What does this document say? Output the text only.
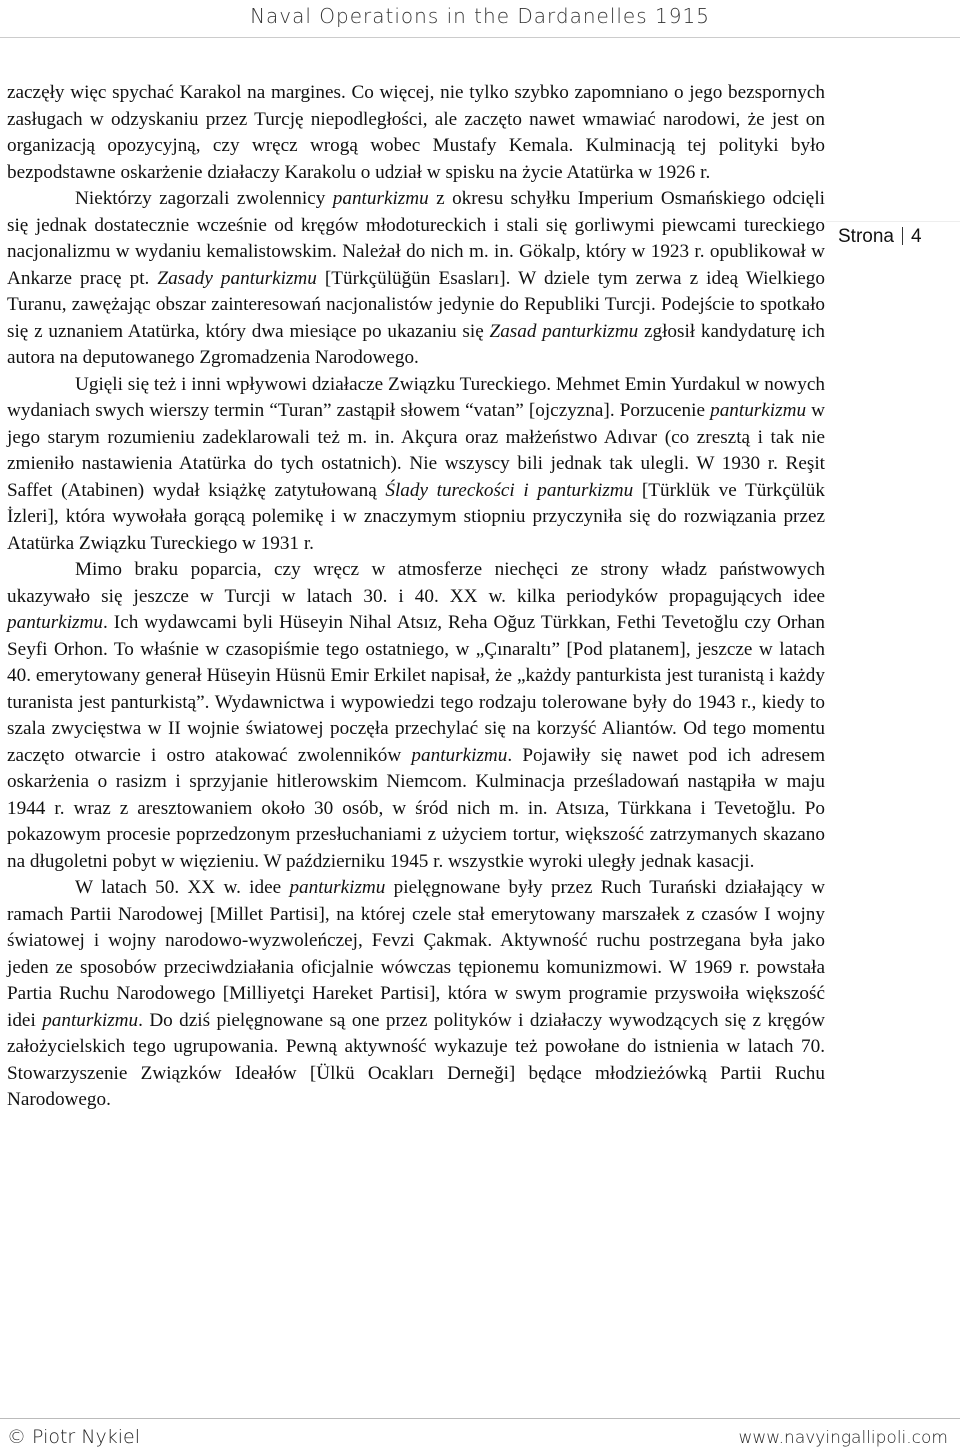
Naval Operations in the Dardanelles 1915

zaczęły więc spychać Karakol na margines. Co więcej, nie tylko szybko zapomniano o jego bezspornych zasługach w odzyskaniu przez Turcję niepodległości, ale zaczęto nawet wmawiać narodowi, że jest on organizacją opozycyjną, czy wręcz wrogą wobec Mustafy Kemala. Kulminacją tej polityki było bezpodstawne oskarżenie działaczy Karakolu o udział w spisku na życie Atatürka w 1926 r.

Niektórzy zagorzali zwolennicy panturkizmu z okresu schyłku Imperium Osmańskiego odcięli się jednak dostatecznie wcześnie od kręgów młodotureckich i stali się gorliwymi piewcami tureckiego nacjonalizmu w wydaniu kemalistowskim. Należał do nich m. in. Gökalp, który w 1923 r. opublikował w Ankarze pracę pt. Zasady panturkizmu [Türkçülüğün Esasları]. W dziele tym zerwa z ideą Wielkiego Turanu, zawężając obszar zainteresowań nacjonalistów jedynie do Republiki Turcji. Podejście to spotkało się z uznaniem Atatürka, który dwa miesiące po ukazaniu się Zasad panturkizmu zgłosił kandydaturę ich autora na deputowanego Zgromadzenia Narodowego.

Ugięli się też i inni wpływowi działacze Związku Tureckiego. Mehmet Emin Yurdakul w nowych wydaniach swych wierszy termin “Turan” zastąpił słowem “vatan” [ojczyzna]. Porzucenie panturkizmu w jego starym rozumieniu zadeklarowali też m. in. Akçura oraz małżeństwo Adıvar (co zresztą i tak nie zmieniło nastawienia Atatürka do tych ostatnich). Nie wszyscy bili jednak tak ulegli. W 1930 r. Reşit Saffet (Atabinen) wydał książkę zatytułowaną Ślady tureckości i panturkizmu [Türklük ve Türkçülük İzleri], która wywołała gorącą polemikę i w znaczymym stiopniu przyczyniła się do rozwiązania przez Atatürka Związku Tureckiego w 1931 r.

Mimo braku poparcia, czy wręcz w atmosferze niechęci ze strony władz państwowych ukazywało się jeszcze w Turcji w latach 30. i 40. XX w. kilka periodyków propagujących idee panturkizmu. Ich wydawcami byli Hüseyin Nihal Atsız, Reha Oğuz Türkkan, Fethi Tevetoğlu czy Orhan Seyfi Orhon. To właśnie w czasopiśmie tego ostatniego, w „Çınaraltı” [Pod platanem], jeszcze w latach 40. emerytowany generał Hüseyin Hüsnü Emir Erkilet napisał, że „każdy panturkista jest turanistą i każdy turanista jest panturkistą”. Wydawnictwa i wypowiedzi tego rodzaju tolerowane były do 1943 r., kiedy to szala zwycięstwa w II wojnie światowej poczęła przechylać się na korzyść Aliantów. Od tego momentu zaczęto otwarcie i ostro atakować zwolenników panturkizmu. Pojawiły się nawet pod ich adresem oskarżenia o rasizm i sprzyjanie hitlerowskim Niemcom. Kulminacja prześladowań nastąpiła w maju 1944 r. wraz z aresztowaniem około 30 osób, w śród nich m. in. Atsıza, Türkkana i Tevetoğlu. Po pokazowym procesie poprzedzonym przesłuchaniami z użyciem tortur, większość zatrzymanych skazano na długoletni pobyt w więzieniu. W październiku 1945 r. wszystkie wyroki uległy jednak kasacji.

W latach 50. XX w. idee panturkizmu pielęgnowane były przez Ruch Turański działający w ramach Partii Narodowej [Millet Partisi], na której czele stał emerytowany marszałek z czasów I wojny światowej i wojny narodowo-wyzwoleńczej, Fevzi Çakmak. Aktywność ruchu postrzegana była jako jeden ze sposobów przeciwdziałania oficjalnie wówczas tępionemu komunizmowi. W 1969 r. powstała Partia Ruchu Narodowego [Milliyetçi Hareket Partisi], która w swym programie przyswoiła większość idei panturkizmu. Do dziś pielęgnowane są one przez polityków i działaczy wywodzących się z kręgów założycielskich tego ugrupowania. Pewną aktywność wykazuje też powołane do istnienia w latach 70. Stowarzyszenie Związków Ideałów [Ülkü Ocakları Derneği] będące młodzieżówką Partii Ruchu Narodowego.

Strona 4
© Piotr Nykiel	www.navyingallipoli.com
